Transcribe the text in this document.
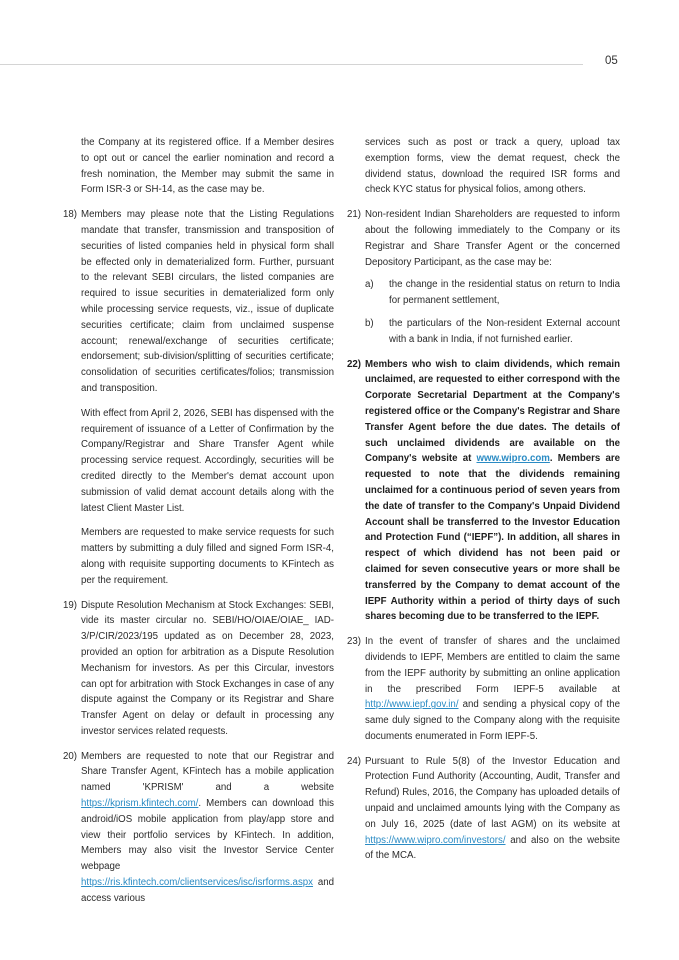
05

the Company at its registered office. If a Member desires to opt out or cancel the earlier nomination and record a fresh nomination, the Member may submit the same in Form ISR-3 or SH-14, as the case may be.

18) Members may please note that the Listing Regulations mandate that transfer, transmission and transposition of securities of listed companies held in physical form shall be effected only in dematerialized form. Further, pursuant to the relevant SEBI circulars, the listed companies are required to issue securities in dematerialized form only while processing service requests, viz., issue of duplicate securities certificate; claim from unclaimed suspense account; renewal/exchange of securities certificate; endorsement; sub-division/splitting of securities certificate; consolidation of securities certificates/folios; transmission and transposition.

With effect from April 2, 2026, SEBI has dispensed with the requirement of issuance of a Letter of Confirmation by the Company/Registrar and Share Transfer Agent while processing service request. Accordingly, securities will be credited directly to the Member's demat account upon submission of valid demat account details along with the latest Client Master List.

Members are requested to make service requests for such matters by submitting a duly filled and signed Form ISR-4, along with requisite supporting documents to KFintech as per the requirement.

19) Dispute Resolution Mechanism at Stock Exchanges: SEBI, vide its master circular no. SEBI/HO/OIAE/OIAE_ IAD-3/P/CIR/2023/195 updated as on December 28, 2023, provided an option for arbitration as a Dispute Resolution Mechanism for investors. As per this Circular, investors can opt for arbitration with Stock Exchanges in case of any dispute against the Company or its Registrar and Share Transfer Agent on delay or default in processing any investor services related requests.

20) Members are requested to note that our Registrar and Share Transfer Agent, KFintech has a mobile application named 'KPRISM' and a website https://kprism.kfintech.com/. Members can download this android/iOS mobile application from play/app store and view their portfolio services by KFintech. In addition, Members may also visit the Investor Service Center webpage https://ris.kfintech.com/clientservices/isc/isrforms.aspx and access various

services such as post or track a query, upload tax exemption forms, view the demat request, check the dividend status, download the required ISR forms and check KYC status for physical folios, among others.

21) Non-resident Indian Shareholders are requested to inform about the following immediately to the Company or its Registrar and Share Transfer Agent or the concerned Depository Participant, as the case may be:

a)	the change in the residential status on return to India for permanent settlement,
b)	the particulars of the Non-resident External account with a bank in India, if not furnished earlier.
22) Members who wish to claim dividends, which remain unclaimed, are requested to either correspond with the Corporate Secretarial Department at the Company's registered office or the Company's Registrar and Share Transfer Agent before the due dates. The details of such unclaimed dividends are available on the Company's website at www.wipro.com. Members are requested to note that the dividends remaining unclaimed for a continuous period of seven years from the date of transfer to the Company's Unpaid Dividend Account shall be transferred to the Investor Education and Protection Fund (“IEPF”). In addition, all shares in respect of which dividend has not been paid or claimed for seven consecutive years or more shall be transferred by the Company to demat account of the IEPF Authority within a period of thirty days of such shares becoming due to be transferred to the IEPF.

23) In the event of transfer of shares and the unclaimed dividends to IEPF, Members are entitled to claim the same from the IEPF authority by submitting an online application in the prescribed Form IEPF-5 available at http://www.iepf.gov.in/ and sending a physical copy of the same duly signed to the Company along with the requisite documents enumerated in Form IEPF-5.

24) Pursuant to Rule 5(8) of the Investor Education and Protection Fund Authority (Accounting, Audit, Transfer and Refund) Rules, 2016, the Company has uploaded details of unpaid and unclaimed amounts lying with the Company as on July 16, 2025 (date of last AGM) on its website at https://www.wipro.com/investors/ and also on the website of the MCA.
